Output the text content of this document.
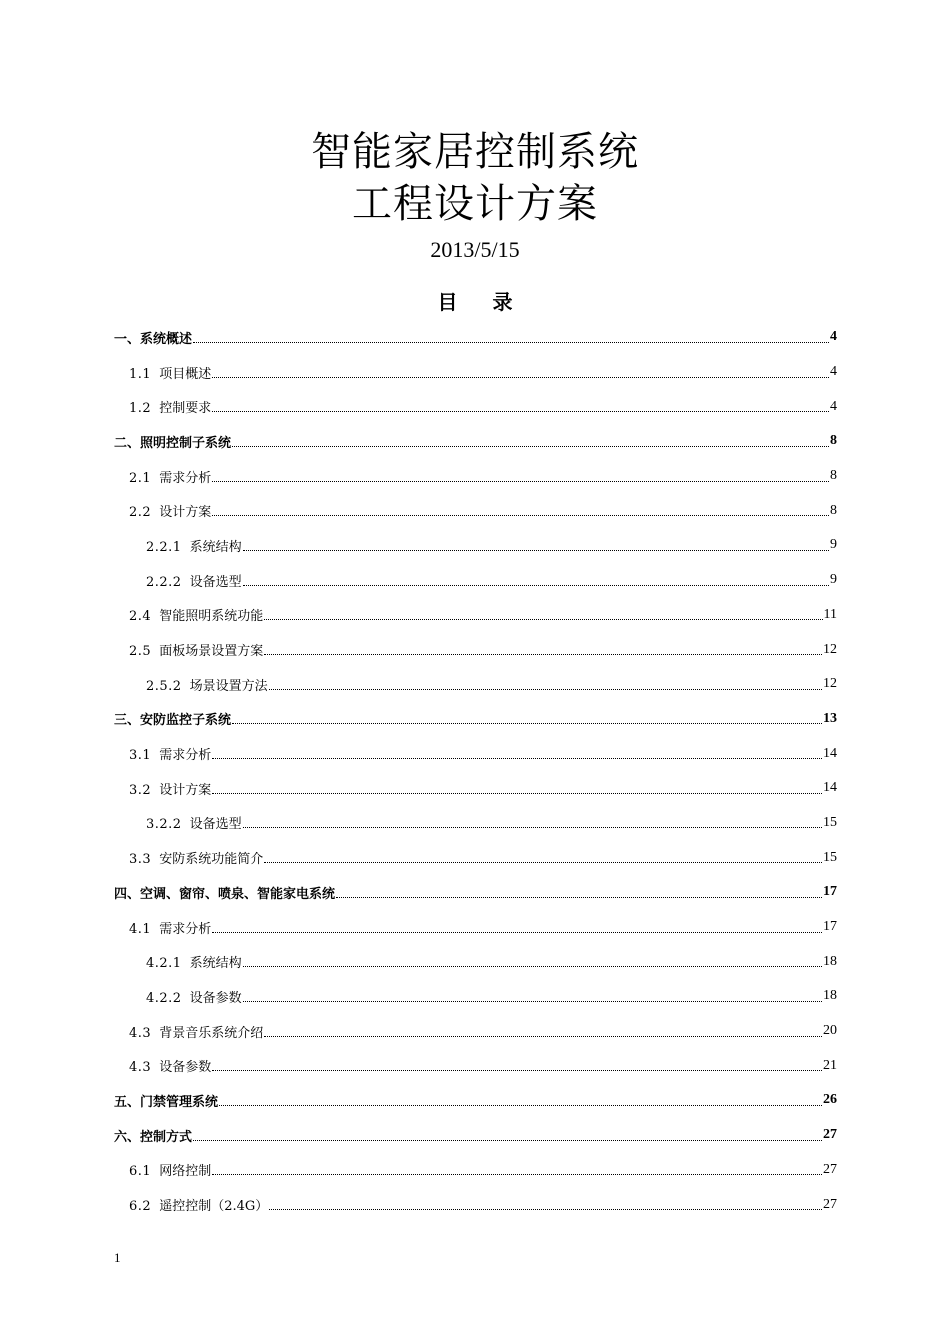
智能家居控制系统
工程设计方案
2013/5/15
目 录
一、系统概述	4
1.1 项目概述	4
1.2 控制要求	4
二、照明控制子系统	8
2.1 需求分析	8
2.2 设计方案	8
2.2.1 系统结构	9
2.2.2 设备选型	9
2.4 智能照明系统功能	11
2.5 面板场景设置方案	12
2.5.2 场景设置方法	12
三、安防监控子系统	13
3.1 需求分析	14
3.2 设计方案	14
3.2.2 设备选型	15
3.3 安防系统功能简介	15
四、空调、窗帘、喷泉、智能家电系统	17
4.1 需求分析	17
4.2.1 系统结构	18
4.2.2 设备参数	18
4.3 背景音乐系统介绍	20
4.3 设备参数	21
五、门禁管理系统	26
六、控制方式	27
6.1 网络控制	27
6.2 遥控控制（2.4G）	27
1
